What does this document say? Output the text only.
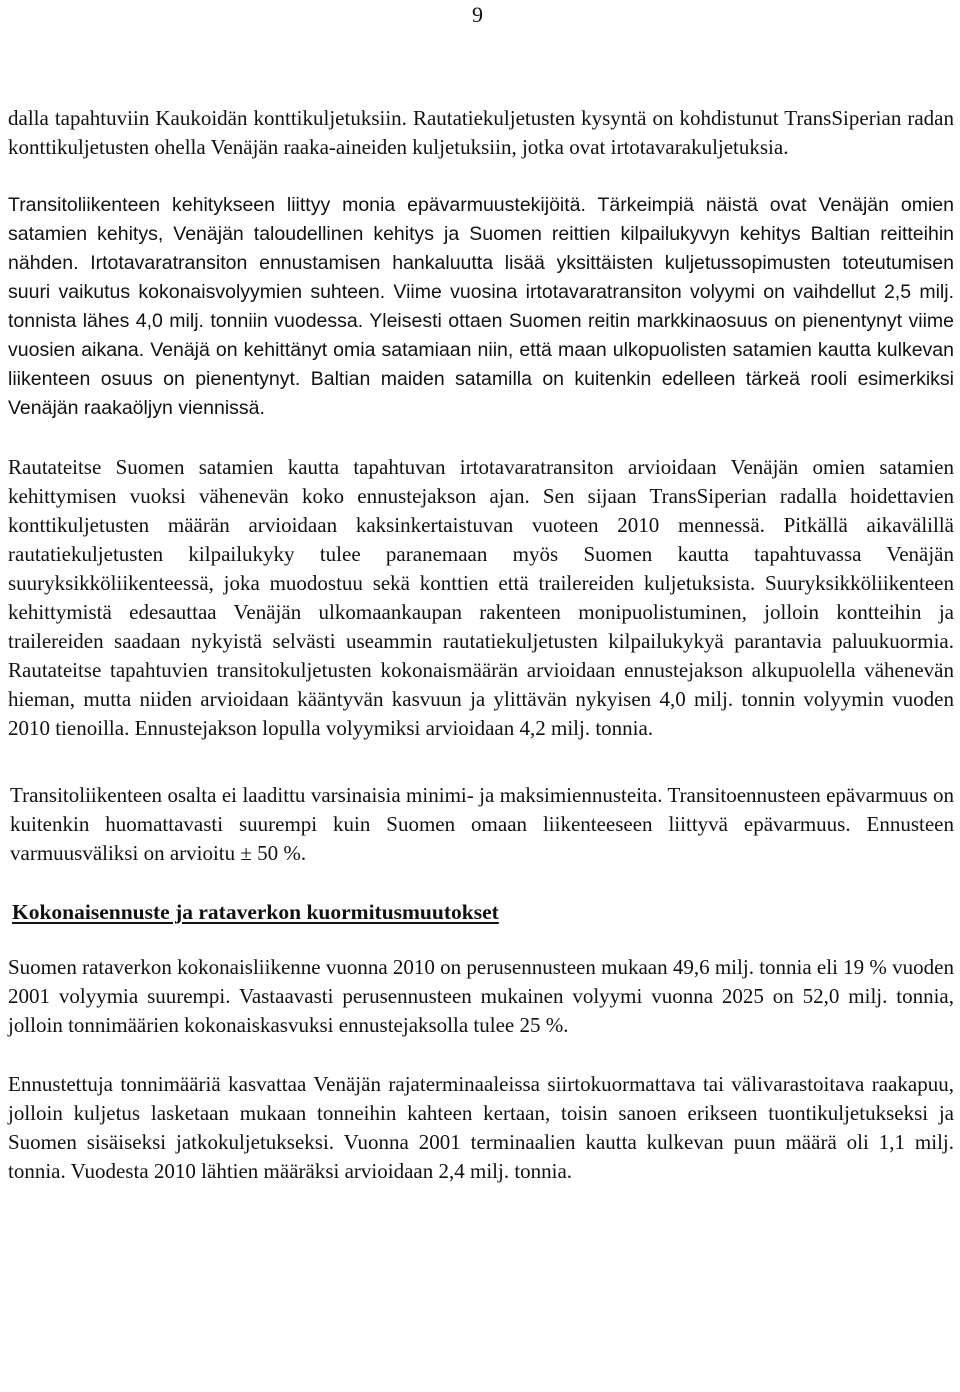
9

dalla tapahtuviin Kaukoidän konttikuljetuksiin. Rautatiekuljetusten kysyntä on kohdistunut TransSiperian radan konttikuljetusten ohella Venäjän raaka-aineiden kuljetuksiin, jotka ovat irtotavarakuljetuksia.

Transitoliikenteen kehitykseen liittyy monia epävarmuustekijöitä. Tärkeimpiä näistä ovat Venäjän omien satamien kehitys, Venäjän taloudellinen kehitys ja Suomen reittien kilpailukyvyn kehitys Baltian reitteihin nähden. Irtotavaratransiton ennustamisen hankaluutta lisää yksittäisten kuljetussopimusten toteutumisen suuri vaikutus kokonaisvolyymien suhteen. Viime vuosina irtotavaratransiton volyymi on vaihdellut 2,5 milj. tonnista lähes 4,0 milj. tonniin vuodessa. Yleisesti ottaen Suomen reitin markkinaosuus on pienentynyt viime vuosien aikana. Venäjä on kehittänyt omia satamiaan niin, että maan ulkopuolisten satamien kautta kulkevan liikenteen osuus on pienentynyt. Baltian maiden satamilla on kuitenkin edelleen tärkeä rooli esimerkiksi Venäjän raakaöljyn viennissä.

Rautateitse Suomen satamien kautta tapahtuvan irtotavaratransiton arvioidaan Venäjän omien satamien kehittymisen vuoksi vähenevän koko ennustejakson ajan. Sen sijaan TransSiperian radalla hoidettavien konttikuljetusten määrän arvioidaan kaksinkertaistuvan vuoteen 2010 mennessä. Pitkällä aikavälillä rautatiekuljetusten kilpailukyky tulee paranemaan myös Suomen kautta tapahtuvassa Venäjän suuryksikköliikenteessä, joka muodostuu sekä konttien että trailereiden kuljetuksista. Suuryksikköliikenteen kehittymistä edesauttaa Venäjän ulkomaankaupan rakenteen monipuolistuminen, jolloin kontteihin ja trailereiden saadaan nykyistä selvästi useammin rautatiekuljetusten kilpailukykyä parantavia paluukuormia. Rautateitse tapahtuvien transitokuljetusten kokonaismäärän arvioidaan ennustejakson alkupuolella vähenevän hieman, mutta niiden arvioidaan kääntyvän kasvuun ja ylittävän nykyisen 4,0 milj. tonnin volyymin vuoden 2010 tienoilla. Ennustejakson lopulla volyymiksi arvioidaan 4,2 milj. tonnia.

Transitoliikenteen osalta ei laadittu varsinaisia minimi- ja maksimiennusteita. Transitoennusteen epävarmuus on kuitenkin huomattavasti suurempi kuin Suomen omaan liikenteeseen liittyvä epävarmuus. Ennusteen varmuusväliksi on arvioitu ± 50 %.

Kokonaisennuste ja rataverkon kuormitusmuutokset

Suomen rataverkon kokonaisliikenne vuonna 2010 on perusennusteen mukaan 49,6 milj. tonnia eli 19 % vuoden 2001 volyymia suurempi. Vastaavasti perusennusteen mukainen volyymi vuonna 2025 on 52,0 milj. tonnia, jolloin tonnimäärien kokonaiskasvuksi ennustejaksolla tulee 25 %.

Ennustettuja tonnimääriä kasvattaa Venäjän rajaterminaaleissa siirtokuormattava tai välivarastoitava raakapuu, jolloin kuljetus lasketaan mukaan tonneihin kahteen kertaan, toisin sanoen erikseen tuontikuljetukseksi ja Suomen sisäiseksi jatkokuljetukseksi. Vuonna 2001 terminaalien kautta kulkevan puun määrä oli 1,1 milj. tonnia. Vuodesta 2010 lähtien määräksi arvioidaan 2,4 milj. tonnia.
